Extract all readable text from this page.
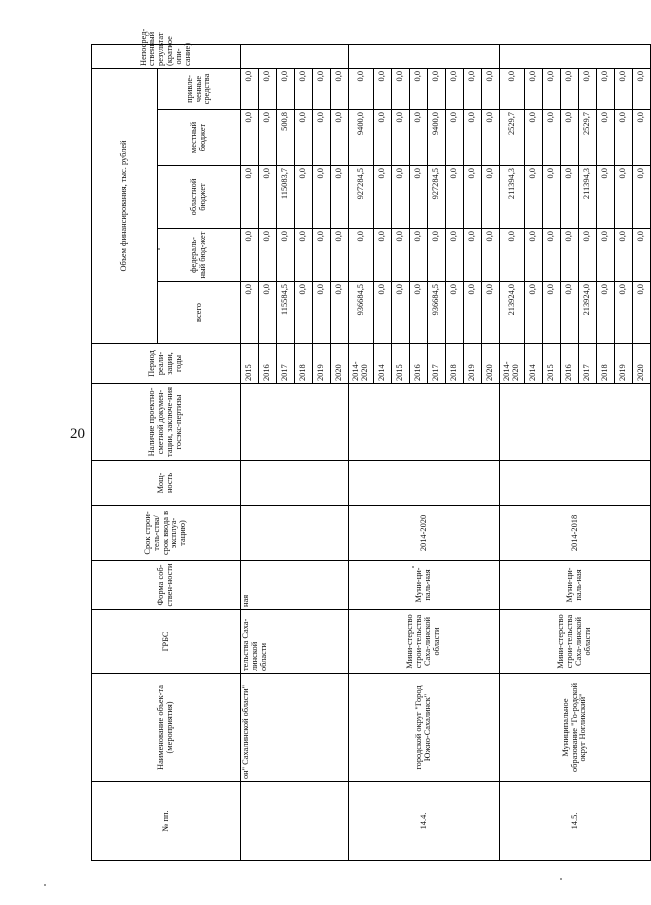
20
№ пп.	Наименование объек-та (мероприятия)	ГРБС	Форма соб-ствен-ности	Срок строи-тель-ства/срок ввода в эксплуа-тацию)	Мощ-ность	Наличие проектно-сметной докумен-тации, заключе-ния госэкс-пертизы	Период реали-зации, годы	Объем финансирования, тыс. рублей					Непосред-ственный результат (краткое опи-сание)
								всего	федераль-ный бюд-жет	областной бюджет	местный бюджет	привле-ченные средства	
	он" Сахалинской области"	тельства Саха-линской области	ная				2015	0,0	0,0	0,0	0,0	0,0	
							2016	0,0	0,0	0,0	0,0	0,0	
							2017	115584,5	0,0	115083,7	500,8	0,0	
							2018	0,0	0,0	0,0	0,0	0,0	
							2019	0,0	0,0	0,0	0,0	0,0	
							2020	0,0	0,0	0,0	0,0	0,0	
14.4.	городской округ "Город Южно-Сахалинск"	Мини-стерство строи-тельства Саха-линской области	Муни-ци-паль-ная	2014-2020			2014-2020	936684,5	0,0	927284,5	9400,0	0,0	
							2014	0,0	0,0	0,0	0,0	0,0	
							2015	0,0	0,0	0,0	0,0	0,0	
							2016	0,0	0,0	0,0	0,0	0,0	
							2017	936684,5	0,0	927284,5	9400,0	0,0	
							2018	0,0	0,0	0,0	0,0	0,0	
							2019	0,0	0,0	0,0	0,0	0,0	
							2020	0,0	0,0	0,0	0,0	0,0	
14.5.	Муниципальное образование "Го-родской округ Ногликский"	Мини-стерство строи-тельства Саха-линской области	Муни-ци-паль-ная	2014-2018			2014-2020	213924,0	0,0	211394,3	2529,7	0,0	
							2014	0,0	0,0	0,0	0,0	0,0	
							2015	0,0	0,0	0,0	0,0	0,0	
							2016	0,0	0,0	0,0	0,0	0,0	
							2017	213924,0	0,0	211394,3	2529,7	0,0	
							2018	0,0	0,0	0,0	0,0	0,0	
							2019	0,0	0,0	0,0	0,0	0,0	
							2020	0,0	0,0	0,0	0,0	0,0	
